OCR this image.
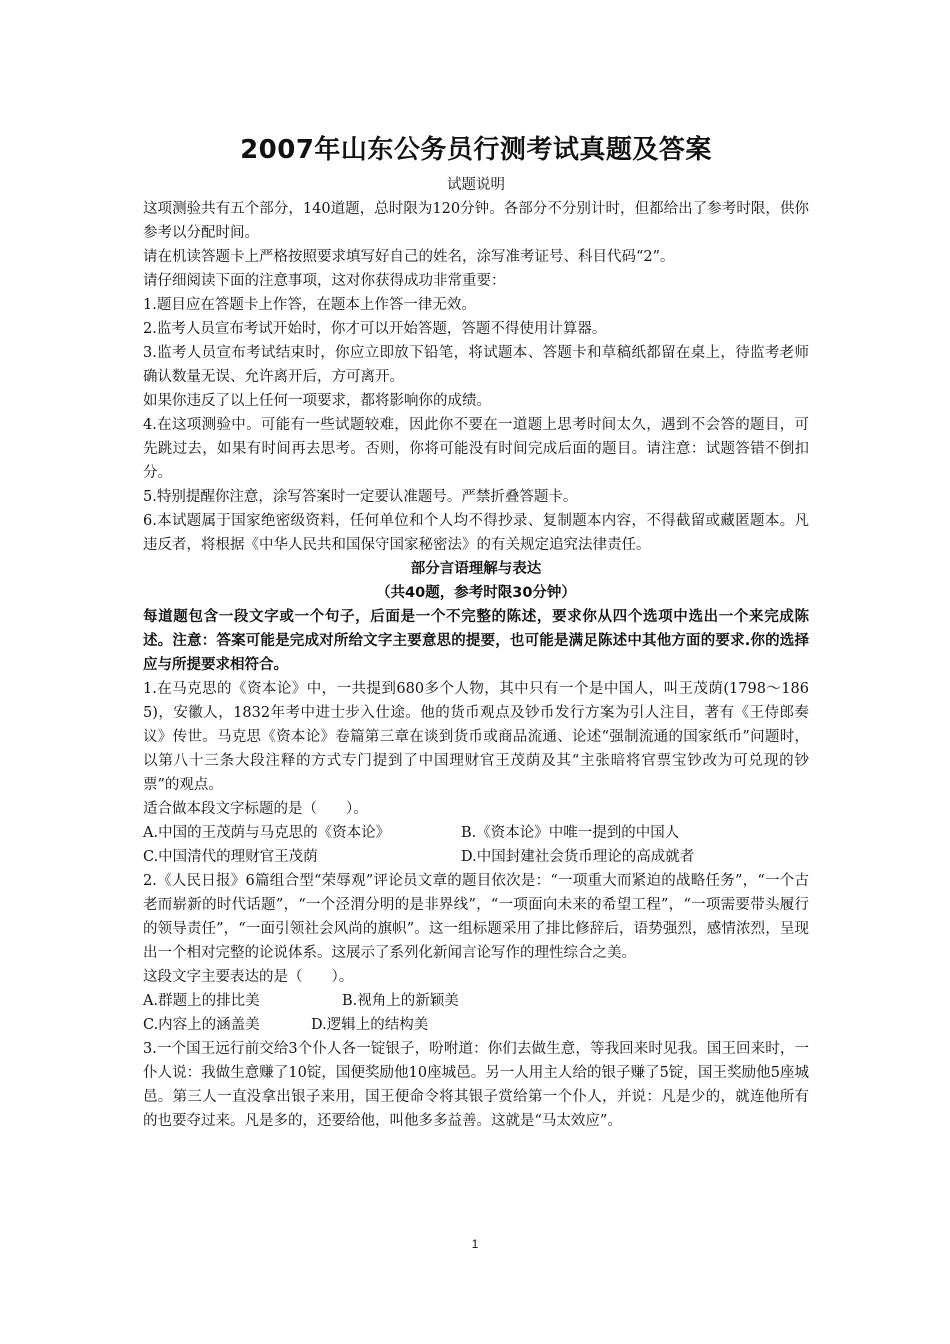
2007年山东公务员行测考试真题及答案

试题说明

这项测验共有五个部分，140道题，总时限为120分钟。各部分不分别计时，但都给出了参考时限，供你参考以分配时间。

请在机读答题卡上严格按照要求填写好自己的姓名，涂写准考证号、科目代码“2”。

请仔细阅读下面的注意事项，这对你获得成功非常重要：

1.题目应在答题卡上作答，在题本上作答一律无效。

2.监考人员宣布考试开始时，你才可以开始答题，答题不得使用计算器。

3.监考人员宣布考试结束时，你应立即放下铅笔，将试题本、答题卡和草稿纸都留在桌上，待监考老师确认数量无误、允许离开后，方可离开。

如果你违反了以上任何一项要求，都将影响你的成绩。

4.在这项测验中。可能有一些试题较难，因此你不要在一道题上思考时间太久，遇到不会答的题目，可先跳过去，如果有时间再去思考。否则，你将可能没有时间完成后面的题目。请注意：试题答错不倒扣分。

5.特别提醒你注意，涂写答案时一定要认准题号。严禁折叠答题卡。

6.本试题属于国家绝密级资料，任何单位和个人均不得抄录、复制题本内容，不得截留或藏匿题本。凡违反者，将根据《中华人民共和国保守国家秘密法》的有关规定追究法律责任。

部分言语理解与表达

（共40题，参考时限30分钟）

每道题包含一段文字或一个句子，后面是一个不完整的陈述，要求你从四个选项中选出一个来完成陈述。注意：答案可能是完成对所给文字主要意思的提要，也可能是满足陈述中其他方面的要求.你的选择应与所提要求相符合。

1.在马克思的《资本论》中，一共提到680多个人物，其中只有一个是中国人，叫王茂荫(1798～1865)，安徽人，1832年考中进士步入仕途。他的货币观点及钞币发行方案为引人注目，著有《王侍郎奏议》传世。马克思《资本论》卷篇第三章在谈到货币或商品流通、论述“强制流通的国家纸币”问题时，以第八十三条大段注释的方式专门提到了中国理财官王茂荫及其“主张暗将官票宝钞改为可兑现的钞票”的观点。

适合做本段文字标题的是（　　）。

A.中国的王茂荫与马克思的《资本论》	B.《资本论》中唯一提到的中国人
C.中国清代的理财官王茂荫	D.中国封建社会货币理论的高成就者

2.《人民日报》6篇组合型“荣辱观”评论员文章的题目依次是：“一项重大而紧迫的战略任务”，“一个古老而崭新的时代话题”，“一个泾渭分明的是非界线”，“一项面向未来的希望工程”，“一项需要带头履行的领导责任”，“一面引领社会风尚的旗帜”。这一组标题采用了排比修辞后，语势强烈，感情浓烈，呈现出一个相对完整的论说体系。这展示了系列化新闻言论写作的理性综合之美。

这段文字主要表达的是（　　）。

A.群题上的排比美	B.视角上的新颖美
C.内容上的涵盖美	D.逻辑上的结构美

3.一个国王远行前交给3个仆人各一锭银子，吩咐道：你们去做生意，等我回来时见我。国王回来时，一仆人说：我做生意赚了10锭，国便奖励他10座城邑。另一人用主人给的银子赚了5锭，国王奖励他5座城邑。第三人一直没拿出银子来用，国王便命令将其银子赏给第一个仆人，并说：凡是少的，就连他所有的也要夺过来。凡是多的，还要给他，叫他多多益善。这就是“马太效应”。

1
